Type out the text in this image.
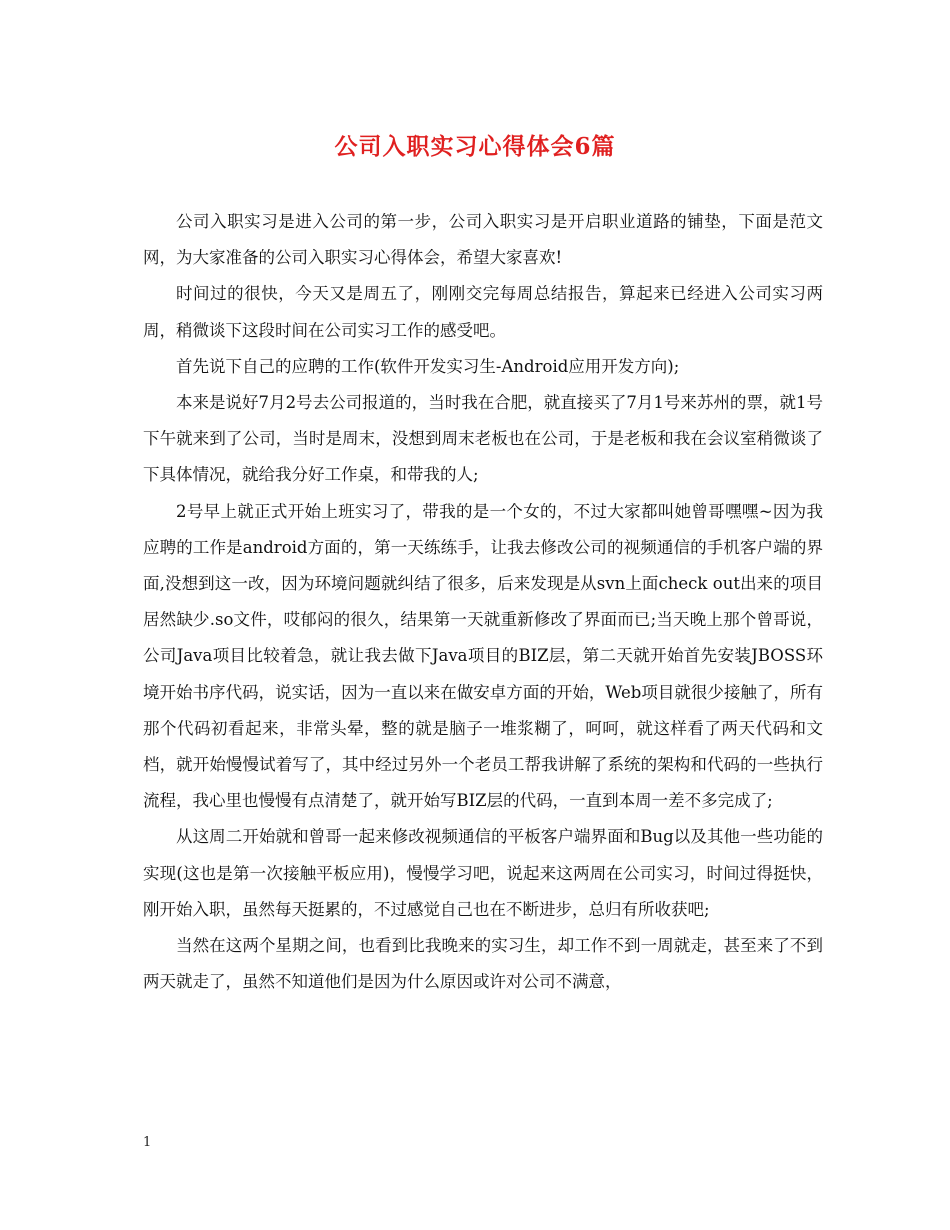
公司入职实习心得体会6篇

公司入职实习是进入公司的第一步，公司入职实习是开启职业道路的铺垫，下面是范文网，为大家准备的公司入职实习心得体会，希望大家喜欢!

时间过的很快，今天又是周五了，刚刚交完每周总结报告，算起来已经进入公司实习两周，稍微谈下这段时间在公司实习工作的感受吧。

首先说下自己的应聘的工作(软件开发实习生-Android应用开发方向);

本来是说好7月2号去公司报道的，当时我在合肥，就直接买了7月1号来苏州的票，就1号下午就来到了公司，当时是周末，没想到周末老板也在公司，于是老板和我在会议室稍微谈了下具体情况，就给我分好工作桌，和带我的人;

2号早上就正式开始上班实习了，带我的是一个女的，不过大家都叫她曾哥嘿嘿~因为我应聘的工作是android方面的，第一天练练手，让我去修改公司的视频通信的手机客户端的界面,没想到这一改，因为环境问题就纠结了很多，后来发现是从svn上面check out出来的项目居然缺少.so文件，哎郁闷的很久，结果第一天就重新修改了界面而已;当天晚上那个曾哥说，公司Java项目比较着急，就让我去做下Java项目的BIZ层，第二天就开始首先安装JBOSS环境开始书序代码，说实话，因为一直以来在做安卓方面的开始，Web项目就很少接触了，所有那个代码初看起来，非常头晕，整的就是脑子一堆浆糊了，呵呵，就这样看了两天代码和文档，就开始慢慢试着写了，其中经过另外一个老员工帮我讲解了系统的架构和代码的一些执行流程，我心里也慢慢有点清楚了，就开始写BIZ层的代码，一直到本周一差不多完成了;

从这周二开始就和曾哥一起来修改视频通信的平板客户端界面和Bug以及其他一些功能的实现(这也是第一次接触平板应用)，慢慢学习吧，说起来这两周在公司实习，时间过得挺快，刚开始入职，虽然每天挺累的，不过感觉自己也在不断进步，总归有所收获吧;

当然在这两个星期之间，也看到比我晚来的实习生，却工作不到一周就走，甚至来了不到两天就走了，虽然不知道他们是因为什么原因或许对公司不满意，

1
